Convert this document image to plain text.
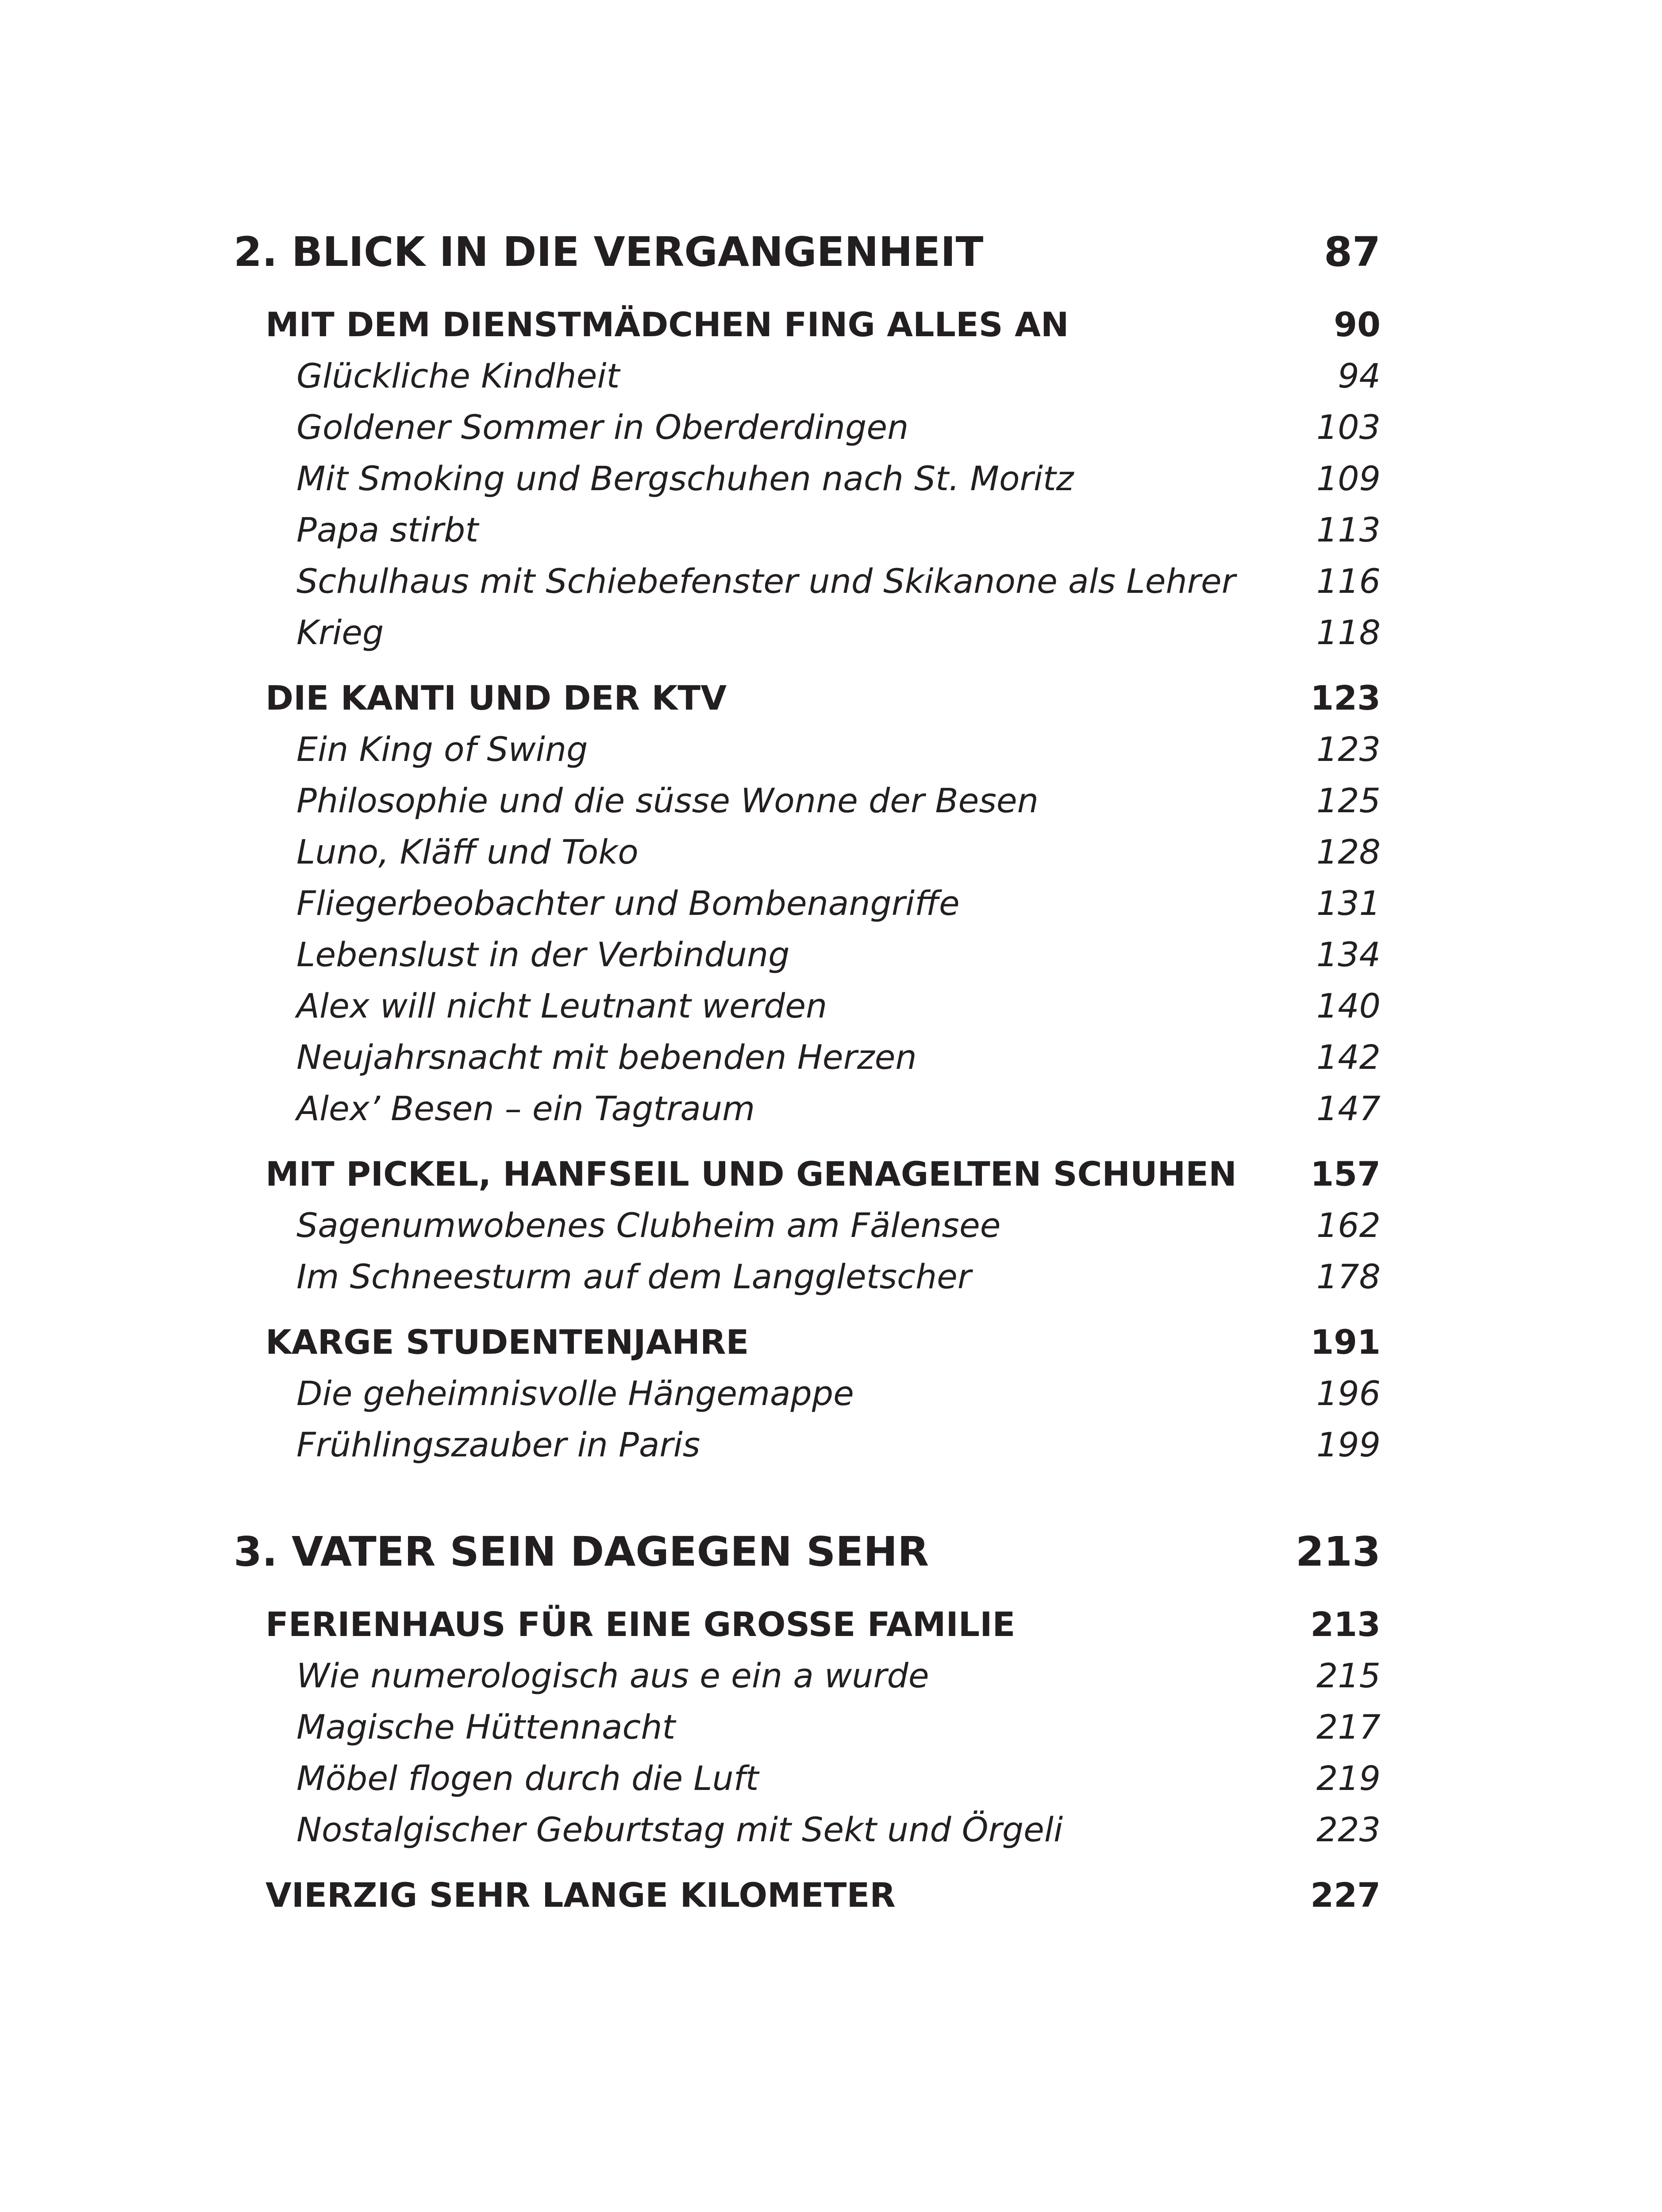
2. BLICK IN DIE VERGANGENHEIT	87
MIT DEM DIENSTMÄDCHEN FING ALLES AN	90
Glückliche Kindheit	94
Goldener Sommer in Oberderdingen	103
Mit Smoking und Bergschuhen nach St. Moritz	109
Papa stirbt	113
Schulhaus mit Schiebefenster und Skikanone als Lehrer 116
Krieg	118
DIE KANTI UND DER KTV	123
Ein King of Swing	123
Philosophie und die süsse Wonne der Besen	125
Luno, Kläff und Toko	128
Fliegerbeobachter und Bombenangriffe	131
Lebenslust in der Verbindung	134
Alex will nicht Leutnant werden	140
Neujahrsnacht mit bebenden Herzen	142
Alex’ Besen – ein Tagtraum	147
MIT PICKEL, HANFSEIL UND GENAGELTEN SCHUHEN 157
Sagenumwobenes Clubheim am Fälensee	162
Im Schneesturm auf dem Langgletscher	178
KARGE STUDENTENJAHRE	191
Die geheimnisvolle Hängemappe	196
Frühlingszauber in Paris	199
3. VATER SEIN DAGEGEN SEHR	213
FERIENHAUS FÜR EINE GROSSE FAMILIE	213
Wie numerologisch aus e ein a wurde	215
Magische Hüttennacht	217
Möbel flogen durch die Luft	219
Nostalgischer Geburtstag mit Sekt und Örgeli	223
VIERZIG SEHR LANGE KILOMETER	227
